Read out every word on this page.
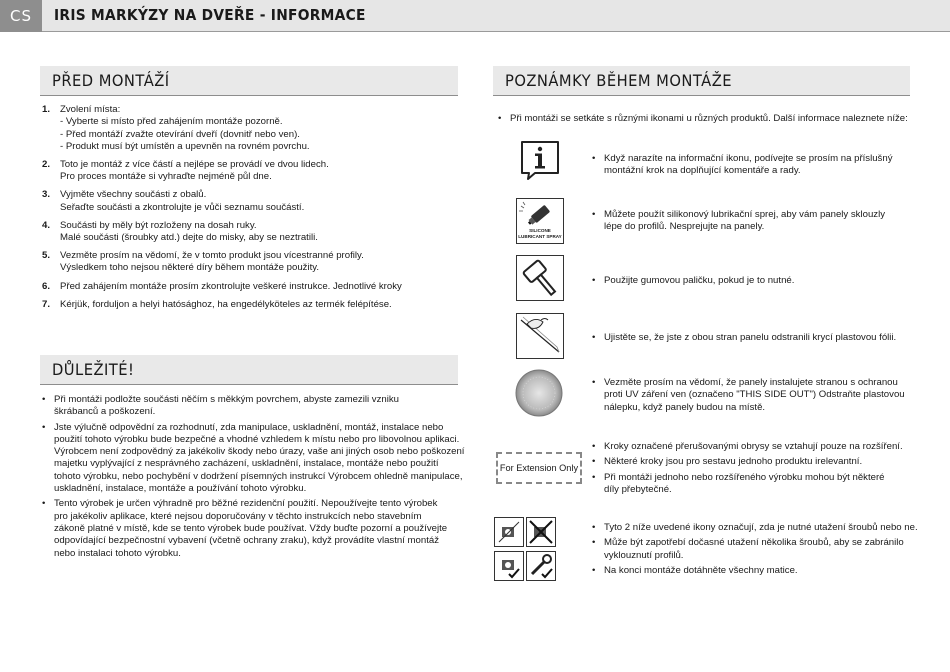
CS	IRIS MARKÝZY NA DVEŘE - INFORMACE
PŘED MONTÁŽÍ
DŮLEŽITÉ!
POZNÁMKY BĚHEM MONTÁŽE
1. Zvolení místa:
- Vyberte si místo před zahájením montáže pozorně.
- Před montáží zvažte otevírání dveří (dovnitř nebo ven).
- Produkt musí být umístěn a upevněn na rovném povrchu.
2. Toto je montáž z více částí a nejlépe se provádí ve dvou lidech.
Pro proces montáže si vyhraďte nejméně půl dne.
3. Vyjměte všechny součásti z obalů.
Seřaďte součásti a zkontrolujte je vůči seznamu součástí.
4. Součásti by měly být rozloženy na dosah ruky.
Malé součásti (šroubky atd.) dejte do misky, aby se neztratili.
5. Vezměte prosím na vědomí, že v tomto produkt jsou vícestranné profily.
Výsledkem toho nejsou některé díry během montáže použity.
6. Před zahájením montáže prosím zkontrolujte veškeré instrukce. Jednotlivé kroky
7. Kérjük, forduljon a helyi hatósághoz, ha engedélyköteles az termék felépítése.
• Při montáži podložte součásti něčím s měkkým povrchem, abyste zamezili vzniku
škrábanců a poškození.
• Jste výlučně odpovědní za rozhodnutí, zda manipulace, uskladnění, montáž, instalace nebo
použití tohoto výrobku bude bezpečné a vhodné vzhledem k místu nebo pro libovolnou aplikaci.
Výrobcem není zodpovědný za jakékoliv škody nebo úrazy, vaše ani jiných osob nebo poškození
majetku vyplývající z nesprávného zacházení, uskladnění, instalace, montáže nebo použití
tohoto výrobku, nebo pochybění v dodržení písemných instrukcí Výrobcem ohledně manipulace,
uskladnění, instalace, montáže a používání tohoto výrobku.
• Tento výrobek je určen výhradně pro běžné rezidenční použití. Nepoužívejte tento výrobek
pro jakékoliv aplikace, které nejsou doporučovány v těchto instrukcích nebo stavebním
zákoně platné v místě, kde se tento výrobek bude používat. Vždy buďte pozorní a používejte
odpovídající bezpečnostní vybavení (včetně ochrany zraku), když provádíte vlastní montáž
nebo instalaci tohoto výrobku.
• Při montáži se setkáte s různými ikonami u různých produktů. Další informace naleznete níže:
• Když narazíte na informační ikonu, podívejte se prosím na příslušný
montážní krok na doplňující komentáře a rady.
SILICONE
LUBRICANT SPRAY
• Můžete použít silikonový lubrikační sprej, aby vám panely sklouzly
lépe do profilů. Nesprejujte na panely.
• Použijte gumovou paličku, pokud je to nutné.
• Ujistěte se, že jste z obou stran panelu odstranili krycí plastovou fólii.
• Vezměte prosím na vědomí, že panely instalujete stranou s ochranou
proti UV záření ven (označeno "THIS SIDE OUT") Odstraňte plastovou
nálepku, když panely budou na místě.
For Extension Only
• Kroky označené přerušovanými obrysy se vztahují pouze na rozšíření.
• Některé kroky jsou pro sestavu jednoho produktu irelevantní.
• Při montáži jednoho nebo rozšířeného výrobku mohou být některé
díly přebytečné.
• Tyto 2 níže uvedené ikony označují, zda je nutné utažení šroubů nebo ne.
• Může být zapotřebí dočasné utažení několika šroubů, aby se zabránilo
vyklouznutí profilů.
• Na konci montáže dotáhněte všechny matice.
